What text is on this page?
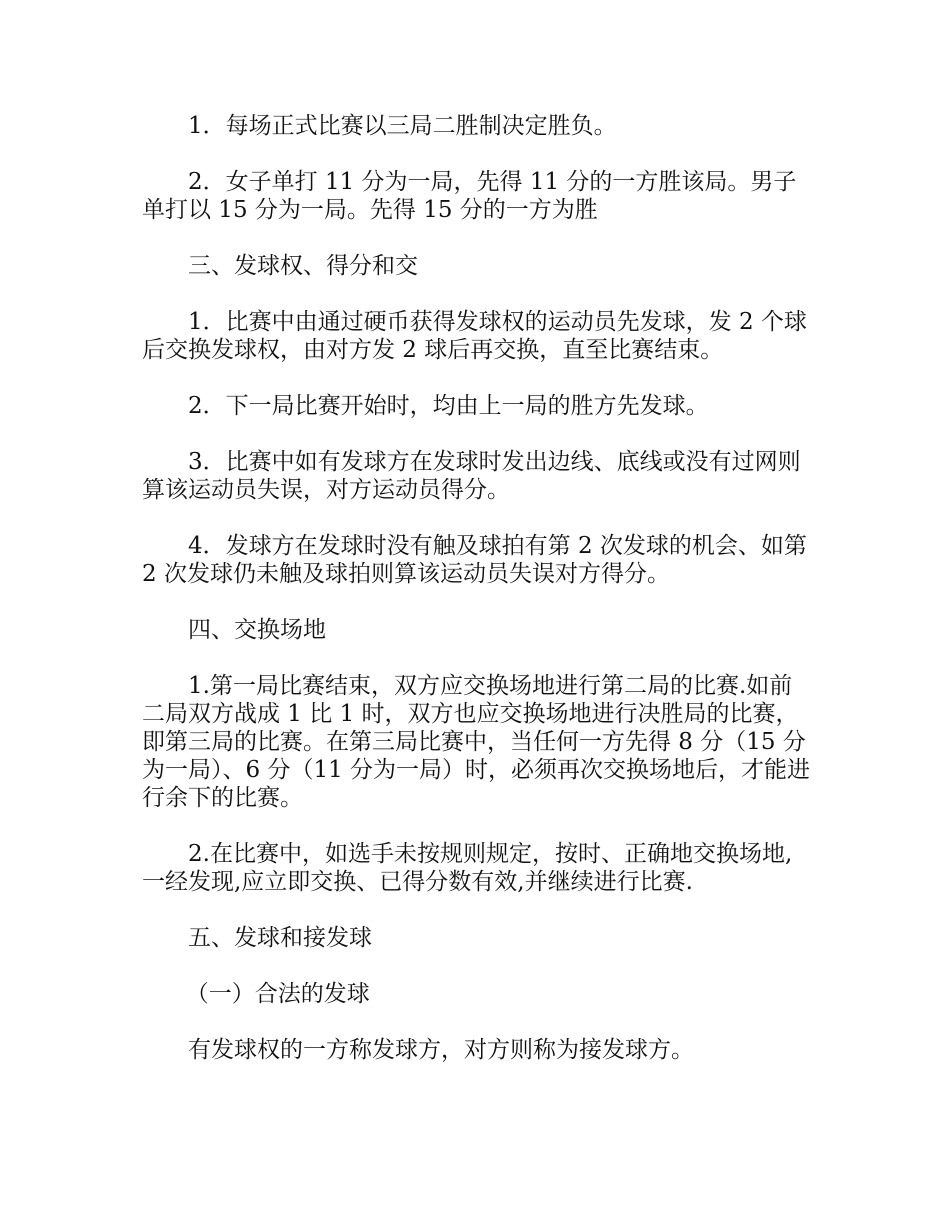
1．每场正式比赛以三局二胜制决定胜负。

2．女子单打 11 分为一局，先得 11 分的一方胜该局。男子单打以 15 分为一局。先得 15 分的一方为胜

三、发球权、得分和交

1．比赛中由通过硬币获得发球权的运动员先发球，发 2 个球后交换发球权，由对方发 2 球后再交换，直至比赛结束。

2．下一局比赛开始时，均由上一局的胜方先发球。

3．比赛中如有发球方在发球时发出边线、底线或没有过网则算该运动员失误，对方运动员得分。

4．发球方在发球时没有触及球拍有第 2 次发球的机会、如第 2 次发球仍未触及球拍则算该运动员失误对方得分。

四、交换场地

1.第一局比赛结束，双方应交换场地进行第二局的比赛.如前二局双方战成 1 比 1 时，双方也应交换场地进行决胜局的比赛，即第三局的比赛。在第三局比赛中，当任何一方先得 8 分（15 分为一局）、6 分（11 分为一局）时，必须再次交换场地后，才能进行余下的比赛。

2.在比赛中，如选手未按规则规定，按时、正确地交换场地,一经发现,应立即交换、已得分数有效,并继续进行比赛.

五、发球和接发球

（一）合法的发球

有发球权的一方称发球方，对方则称为接发球方。
